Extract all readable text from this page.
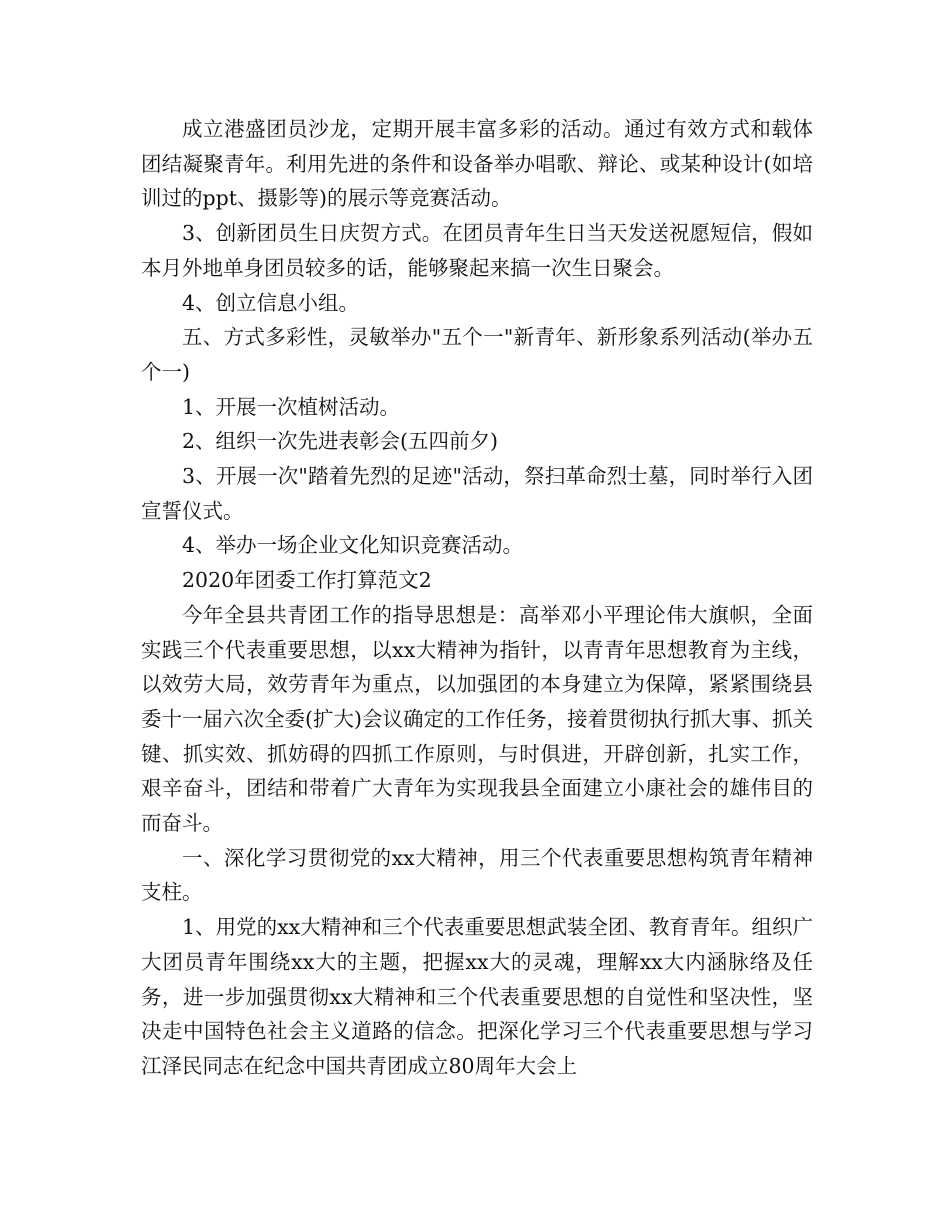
成立港盛团员沙龙，定期开展丰富多彩的活动。通过有效方式和载体团结凝聚青年。利用先进的条件和设备举办唱歌、辩论、或某种设计(如培训过的ppt、摄影等)的展示等竞赛活动。

3、创新团员生日庆贺方式。在团员青年生日当天发送祝愿短信，假如本月外地单身团员较多的话，能够聚起来搞一次生日聚会。

4、创立信息小组。

五、方式多彩性，灵敏举办"五个一"新青年、新形象系列活动(举办五个一)

1、开展一次植树活动。

2、组织一次先进表彰会(五四前夕)

3、开展一次"踏着先烈的足迹"活动，祭扫革命烈士墓，同时举行入团宣誓仪式。

4、举办一场企业文化知识竞赛活动。

2020年团委工作打算范文2

今年全县共青团工作的指导思想是：高举邓小平理论伟大旗帜，全面实践三个代表重要思想，以xx大精神为指针，以青青年思想教育为主线，以效劳大局，效劳青年为重点，以加强团的本身建立为保障，紧紧围绕县委十一届六次全委(扩大)会议确定的工作任务，接着贯彻执行抓大事、抓关键、抓实效、抓妨碍的四抓工作原则，与时俱进，开辟创新，扎实工作，艰辛奋斗，团结和带着广大青年为实现我县全面建立小康社会的雄伟目的而奋斗。

一、深化学习贯彻党的xx大精神，用三个代表重要思想构筑青年精神支柱。

1、用党的xx大精神和三个代表重要思想武装全团、教育青年。组织广大团员青年围绕xx大的主题，把握xx大的灵魂，理解xx大内涵脉络及任务，进一步加强贯彻xx大精神和三个代表重要思想的自觉性和坚决性，坚决走中国特色社会主义道路的信念。把深化学习三个代表重要思想与学习江泽民同志在纪念中国共青团成立80周年大会上
